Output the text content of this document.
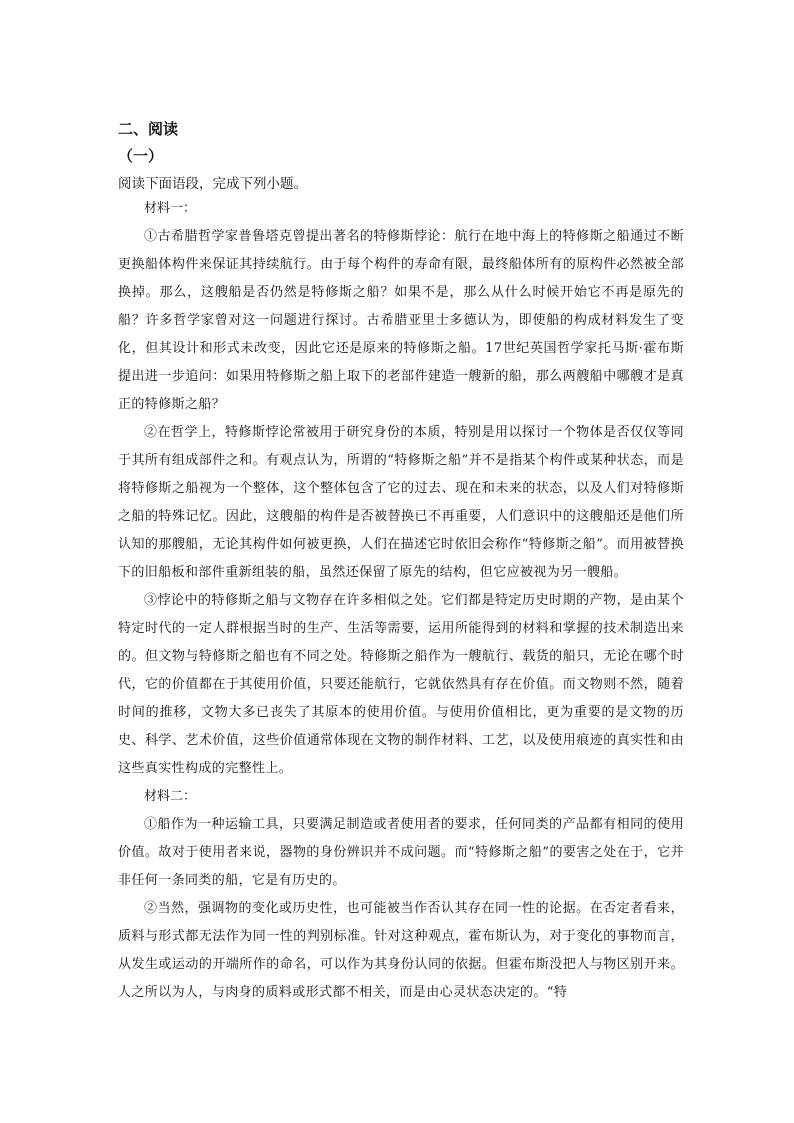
二、阅读
（一）

阅读下面语段，完成下列小题。

材料一：

①古希腊哲学家普鲁塔克曾提出著名的特修斯悖论：航行在地中海上的特修斯之船通过不断更换船体构件来保证其持续航行。由于每个构件的寿命有限，最终船体所有的原构件必然被全部换掉。那么，这艘船是否仍然是特修斯之船？如果不是，那么从什么时候开始它不再是原先的船？许多哲学家曾对这一问题进行探讨。古希腊亚里士多德认为，即使船的构成材料发生了变化，但其设计和形式未改变，因此它还是原来的特修斯之船。17世纪英国哲学家托马斯·霍布斯提出进一步追问：如果用特修斯之船上取下的老部件建造一艘新的船，那么两艘船中哪艘才是真正的特修斯之船？

②在哲学上，特修斯悖论常被用于研究身份的本质，特别是用以探讨一个物体是否仅仅等同于其所有组成部件之和。有观点认为，所谓的“特修斯之船”并不是指某个构件或某种状态，而是将特修斯之船视为一个整体，这个整体包含了它的过去、现在和未来的状态，以及人们对特修斯之船的特殊记忆。因此，这艘船的构件是否被替换已不再重要，人们意识中的这艘船还是他们所认知的那艘船，无论其构件如何被更换，人们在描述它时依旧会称作“特修斯之船”。而用被替换下的旧船板和部件重新组装的船，虽然还保留了原先的结构，但它应被视为另一艘船。

③悖论中的特修斯之船与文物存在许多相似之处。它们都是特定历史时期的产物，是由某个特定时代的一定人群根据当时的生产、生活等需要，运用所能得到的材料和掌握的技术制造出来的。但文物与特修斯之船也有不同之处。特修斯之船作为一艘航行、载货的船只，无论在哪个时代，它的价值都在于其使用价值，只要还能航行，它就依然具有存在价值。而文物则不然，随着时间的推移，文物大多已丧失了其原本的使用价值。与使用价值相比，更为重要的是文物的历史、科学、艺术价值，这些价值通常体现在文物的制作材料、工艺，以及使用痕迹的真实性和由这些真实性构成的完整性上。

材料二：

①船作为一种运输工具，只要满足制造或者使用者的要求，任何同类的产品都有相同的使用价值。故对于使用者来说，器物的身份辨识并不成问题。而“特修斯之船”的要害之处在于，它并非任何一条同类的船，它是有历史的。

②当然，强调物的变化或历史性，也可能被当作否认其存在同一性的论据。在否定者看来，质料与形式都无法作为同一性的判别标准。针对这种观点，霍布斯认为，对于变化的事物而言，从发生或运动的开端所作的命名，可以作为其身份认同的依据。但霍布斯没把人与物区别开来。人之所以为人，与肉身的质料或形式都不相关，而是由心灵状态决定的。“特
